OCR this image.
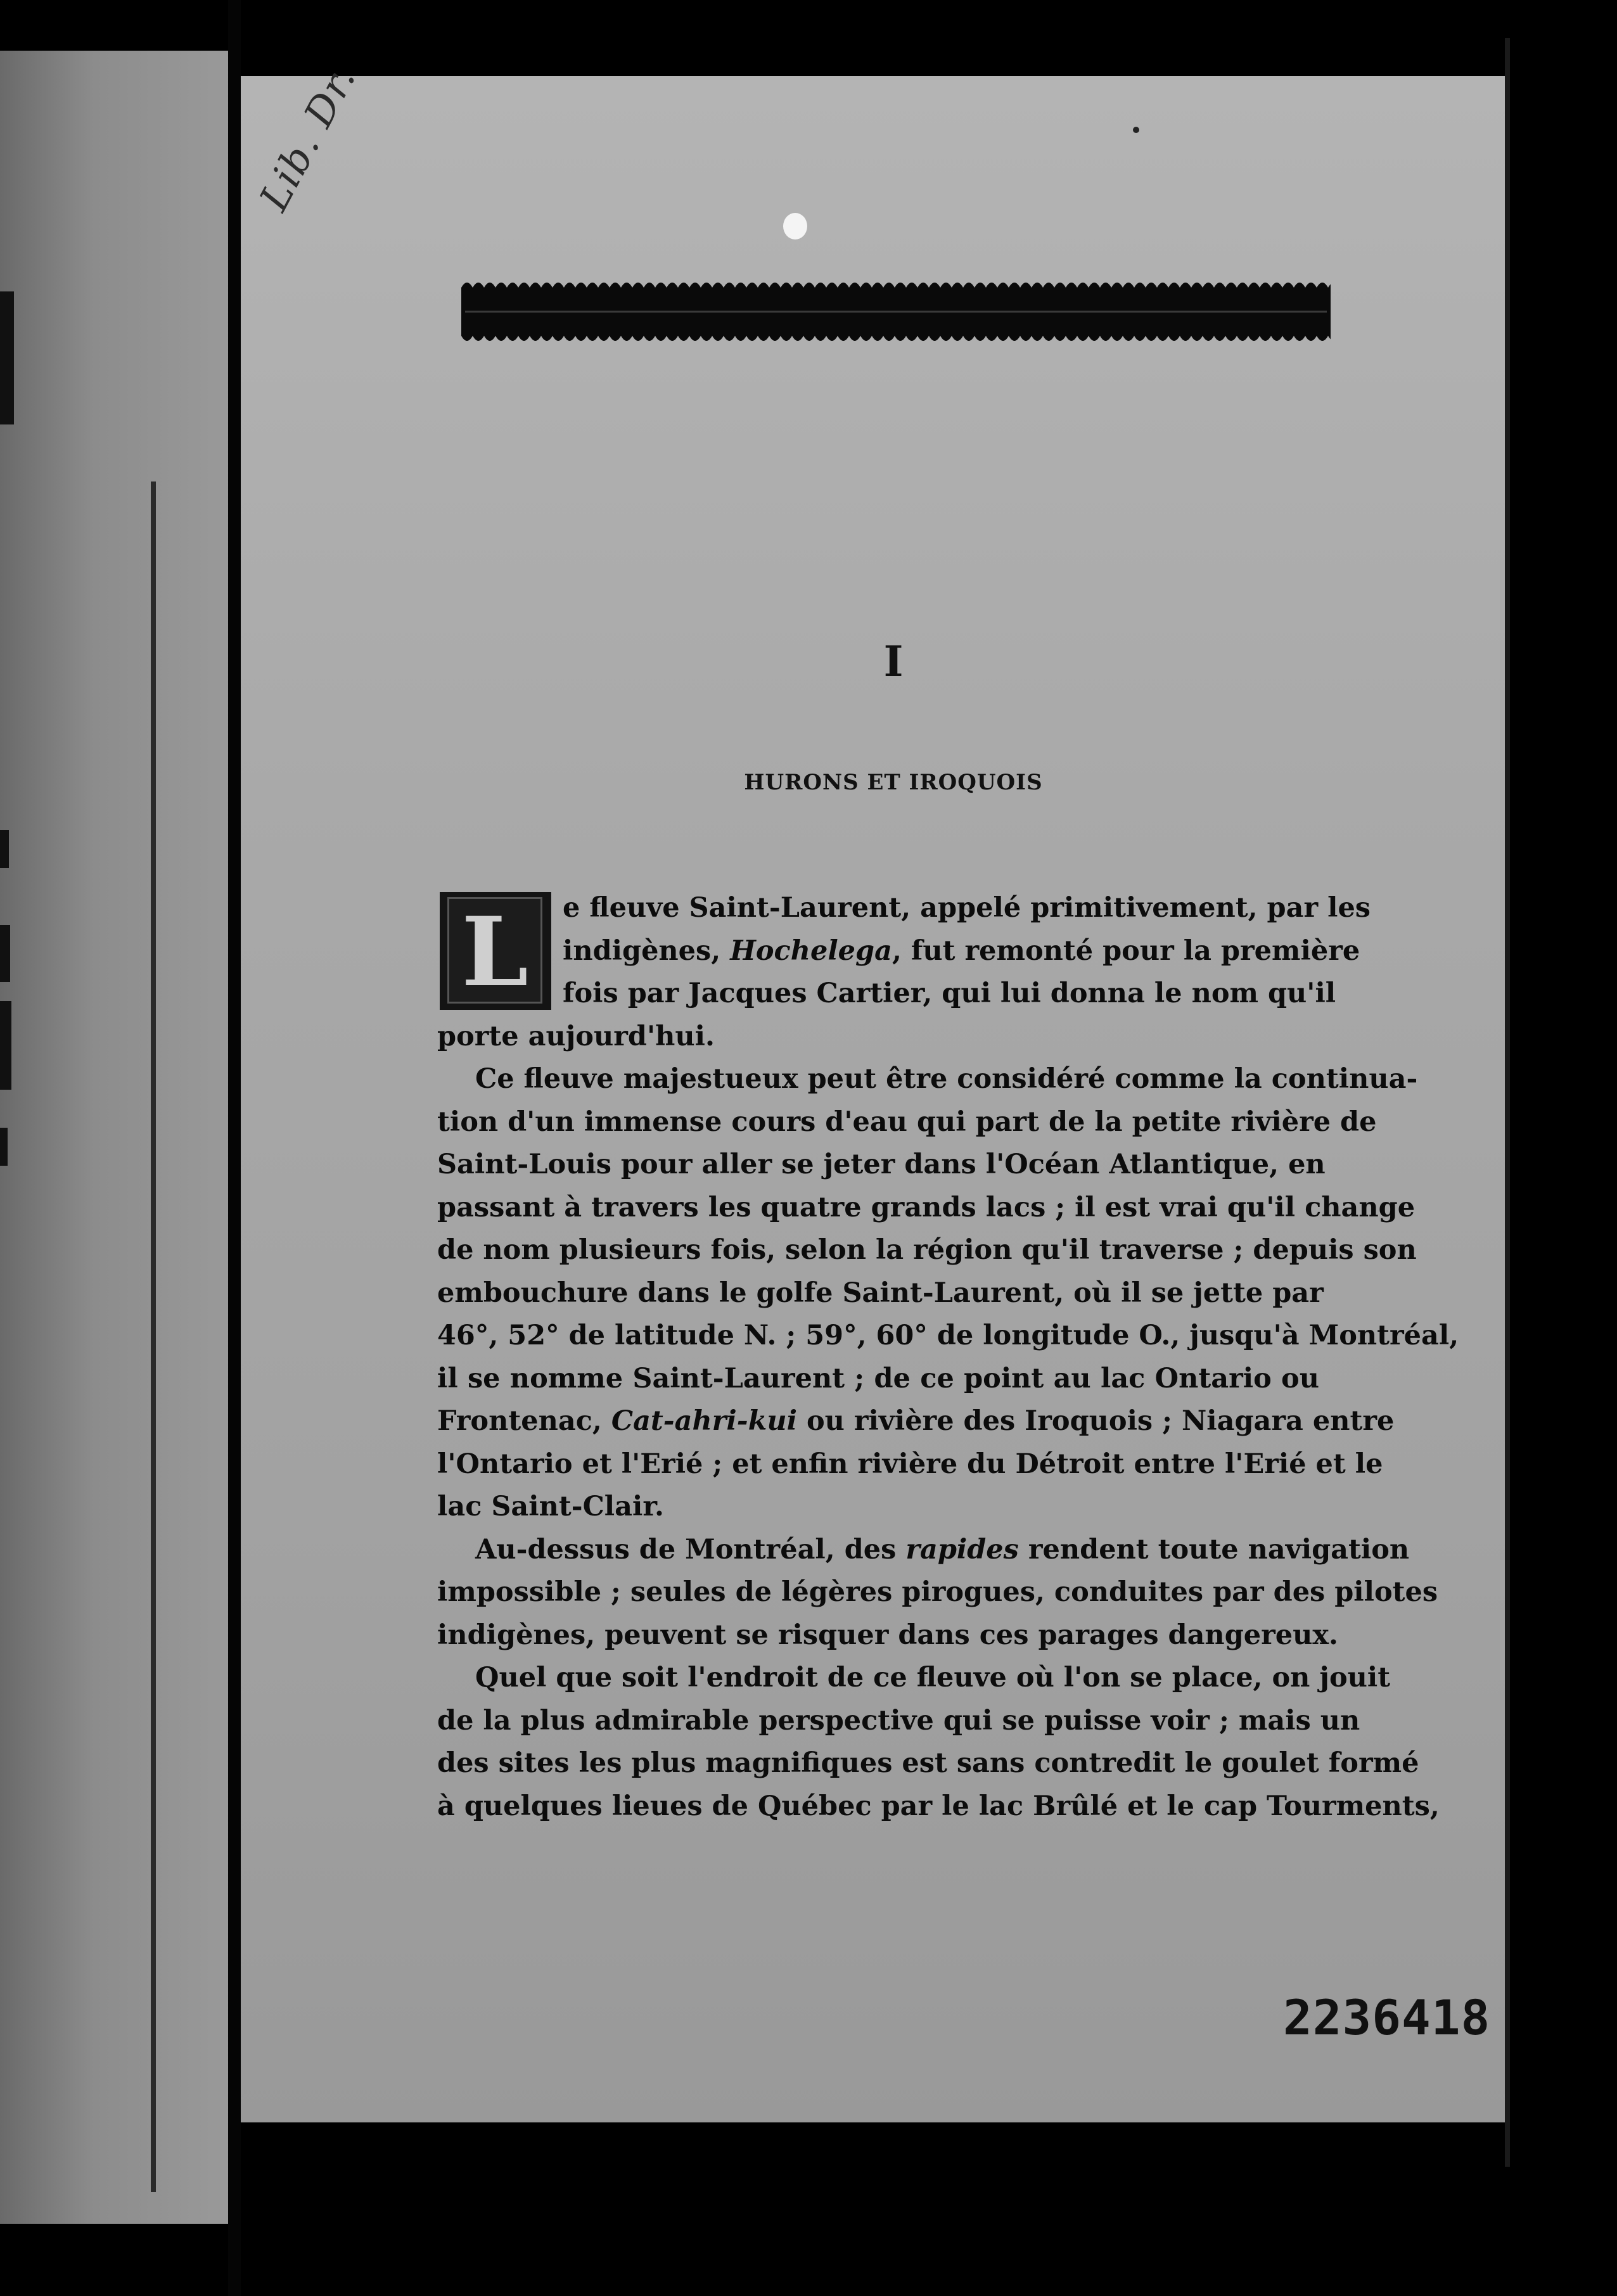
Lib. Dr.
I
HURONS ET IROQUOIS
L	e fleuve Saint-Laurent, appelé primitivement, par les
indigènes, Hochelega, fut remonté pour la première
fois par Jacques Cartier, qui lui donna le nom qu'il
porte aujourd'hui.
Ce fleuve majestueux peut être considéré comme la continua-
tion d'un immense cours d'eau qui part de la petite rivière de
Saint-Louis pour aller se jeter dans l'Océan Atlantique, en
passant à travers les quatre grands lacs ; il est vrai qu'il change
de nom plusieurs fois, selon la région qu'il traverse ; depuis son
embouchure dans le golfe Saint-Laurent, où il se jette par
46°, 52° de latitude N. ; 59°, 60° de longitude O., jusqu'à Montréal,
il se nomme Saint-Laurent ; de ce point au lac Ontario ou
Frontenac, Cat-ahri-kui ou rivière des Iroquois ; Niagara entre
l'Ontario et l'Erié ; et enfin rivière du Détroit entre l'Erié et le
lac Saint-Clair.
Au-dessus de Montréal, des rapides rendent toute navigation
impossible ; seules de légères pirogues, conduites par des pilotes
indigènes, peuvent se risquer dans ces parages dangereux.
Quel que soit l'endroit de ce fleuve où l'on se place, on jouit
de la plus admirable perspective qui se puisse voir ; mais un
des sites les plus magnifiques est sans contredit le goulet formé
à quelques lieues de Québec par le lac Brûlé et le cap Tourments,
2236418
